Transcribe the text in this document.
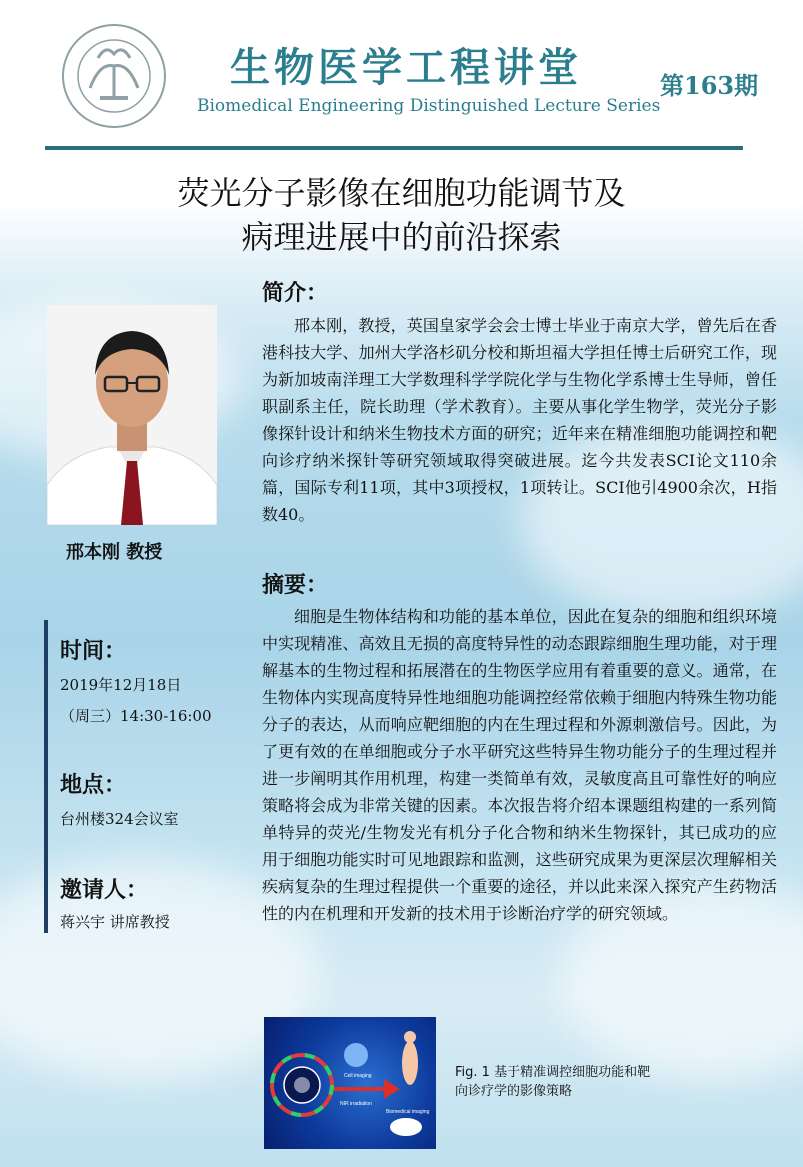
生物医学工程讲堂
Biomedical Engineering Distinguished Lecture Series
第163期
荧光分子影像在细胞功能调节及
病理进展中的前沿探索
邢本刚 教授
时间：
2019年12月18日
（周三）14:30-16:00
地点：
台州楼324会议室
邀请人：
蒋兴宇 讲席教授
简介：
邢本刚，教授，英国皇家学会会士博士毕业于南京大学，曾先后在香港科技大学、加州大学洛杉矶分校和斯坦福大学担任博士后研究工作，现为新加坡南洋理工大学数理科学学院化学与生物化学系博士生导师，曾任职副系主任，院长助理（学术教育）。主要从事化学生物学，荧光分子影像探针设计和纳米生物技术方面的研究；近年来在精准细胞功能调控和靶向诊疗纳米探针等研究领域取得突破进展。迄今共发表SCI论文110余篇，国际专利11项，其中3项授权，1项转让。SCI他引4900余次，H指数40。
摘要：
细胞是生物体结构和功能的基本单位，因此在复杂的细胞和组织环境中实现精准、高效且无损的高度特异性的动态跟踪细胞生理功能，对于理解基本的生物过程和拓展潜在的生物医学应用有着重要的意义。通常，在生物体内实现高度特异性地细胞功能调控经常依赖于细胞内特殊生物功能分子的表达，从而响应靶细胞的内在生理过程和外源刺激信号。因此，为了更有效的在单细胞或分子水平研究这些特异生物功能分子的生理过程并进一步阐明其作用机理，构建一类简单有效，灵敏度高且可靠性好的响应策略将会成为非常关键的因素。本次报告将介绍本课题组构建的一系列简单特异的荧光/生物发光有机分子化合物和纳米生物探针，其已成功的应用于细胞功能实时可见地跟踪和监测，这些研究成果为更深层次理解相关疾病复杂的生理过程提供一个重要的途径，并以此来深入探究产生药物活性的内在机理和开发新的技术用于诊断治疗学的研究领域。
Cell imaging
Biomedical imaging
NIR irradiation
Fig. 1 基于精准调控细胞功能和靶向诊疗学的影像策略
